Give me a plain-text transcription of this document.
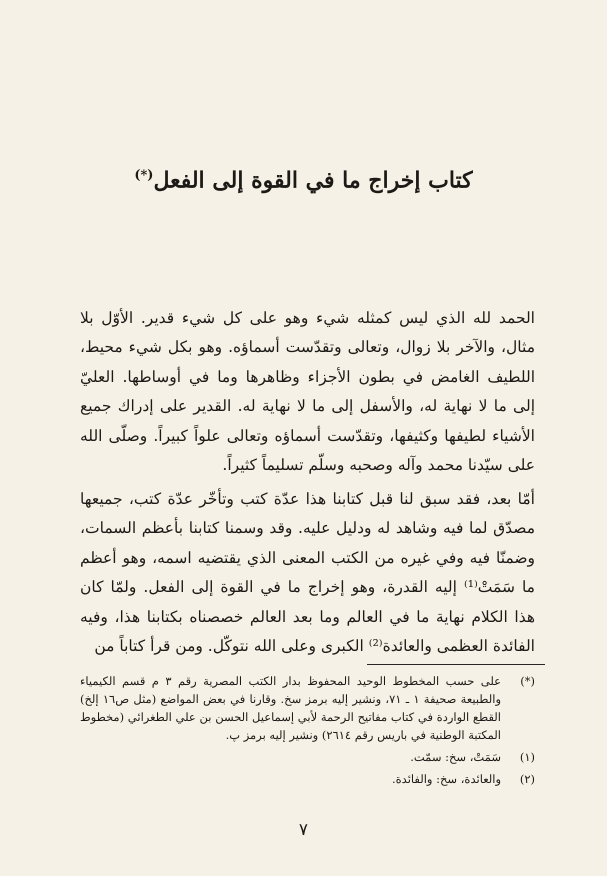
كتاب إخراج ما في القوة إلى الفعل(*)

الحمد لله الذي ليس كمثله شيء وهو على كل شيء قدير. الأوّل بلا مثال، والآخر بلا زوال، وتعالى وتقدّست أسماؤه. وهو بكل شيء محيط، اللطيف الغامض في بطون الأجزاء وظاهرها وما في أوساطها. العليّ إلى ما لا نهاية له، والأسفل إلى ما لا نهاية له. القدير على إدراك جميع الأشياء لطيفها وكثيفها، وتقدّست أسماؤه وتعالى علواً كبيراً. وصلّى الله على سيّدنا محمد وآله وصحبه وسلّم تسليماً كثيراً.

أمّا بعد، فقد سبق لنا قبل كتابنا هذا عدّة كتب وتأخّر عدّة كتب، جميعها مصدّق لما فيه وشاهد له ودليل عليه. وقد وسمنا كتابنا بأعظم السمات، وضمنّا فيه وفي غيره من الكتب المعنى الذي يقتضيه اسمه، وهو أعظم ما سَمَتْ⁽¹⁾ إليه القدرة، وهو إخراج ما في القوة إلى الفعل. ولمّا كان هذا الكلام نهاية ما في العالم وما بعد العالم خصصناه بكتابنا هذا، وفيه الفائدة العظمى والعائدة⁽²⁾ الكبرى وعلى الله نتوكّل. ومن قرأ كتاباً من

(*)
على حسب المخطوط الوحيد المحفوظ بدار الكتب المصرية رقم ٣ م قسم الكيمياء والطبيعة صحيفة ١ ـ ٧١، ونشير إليه برمز سخ. وقارنا في بعض المواضع (مثل ص١٦ إلخ) القطع الواردة في كتاب مفاتيح الرحمة لأبي إسماعيل الحسن بن علي الطغرائي (مخطوط المكتبة الوطنية في باريس رقم ٢٦١٤) ونشير إليه برمز پ.
(١)
سَمَتْ، سخ: سمّت.
(٢)
والعائدة، سخ: والفائدة.
٧
